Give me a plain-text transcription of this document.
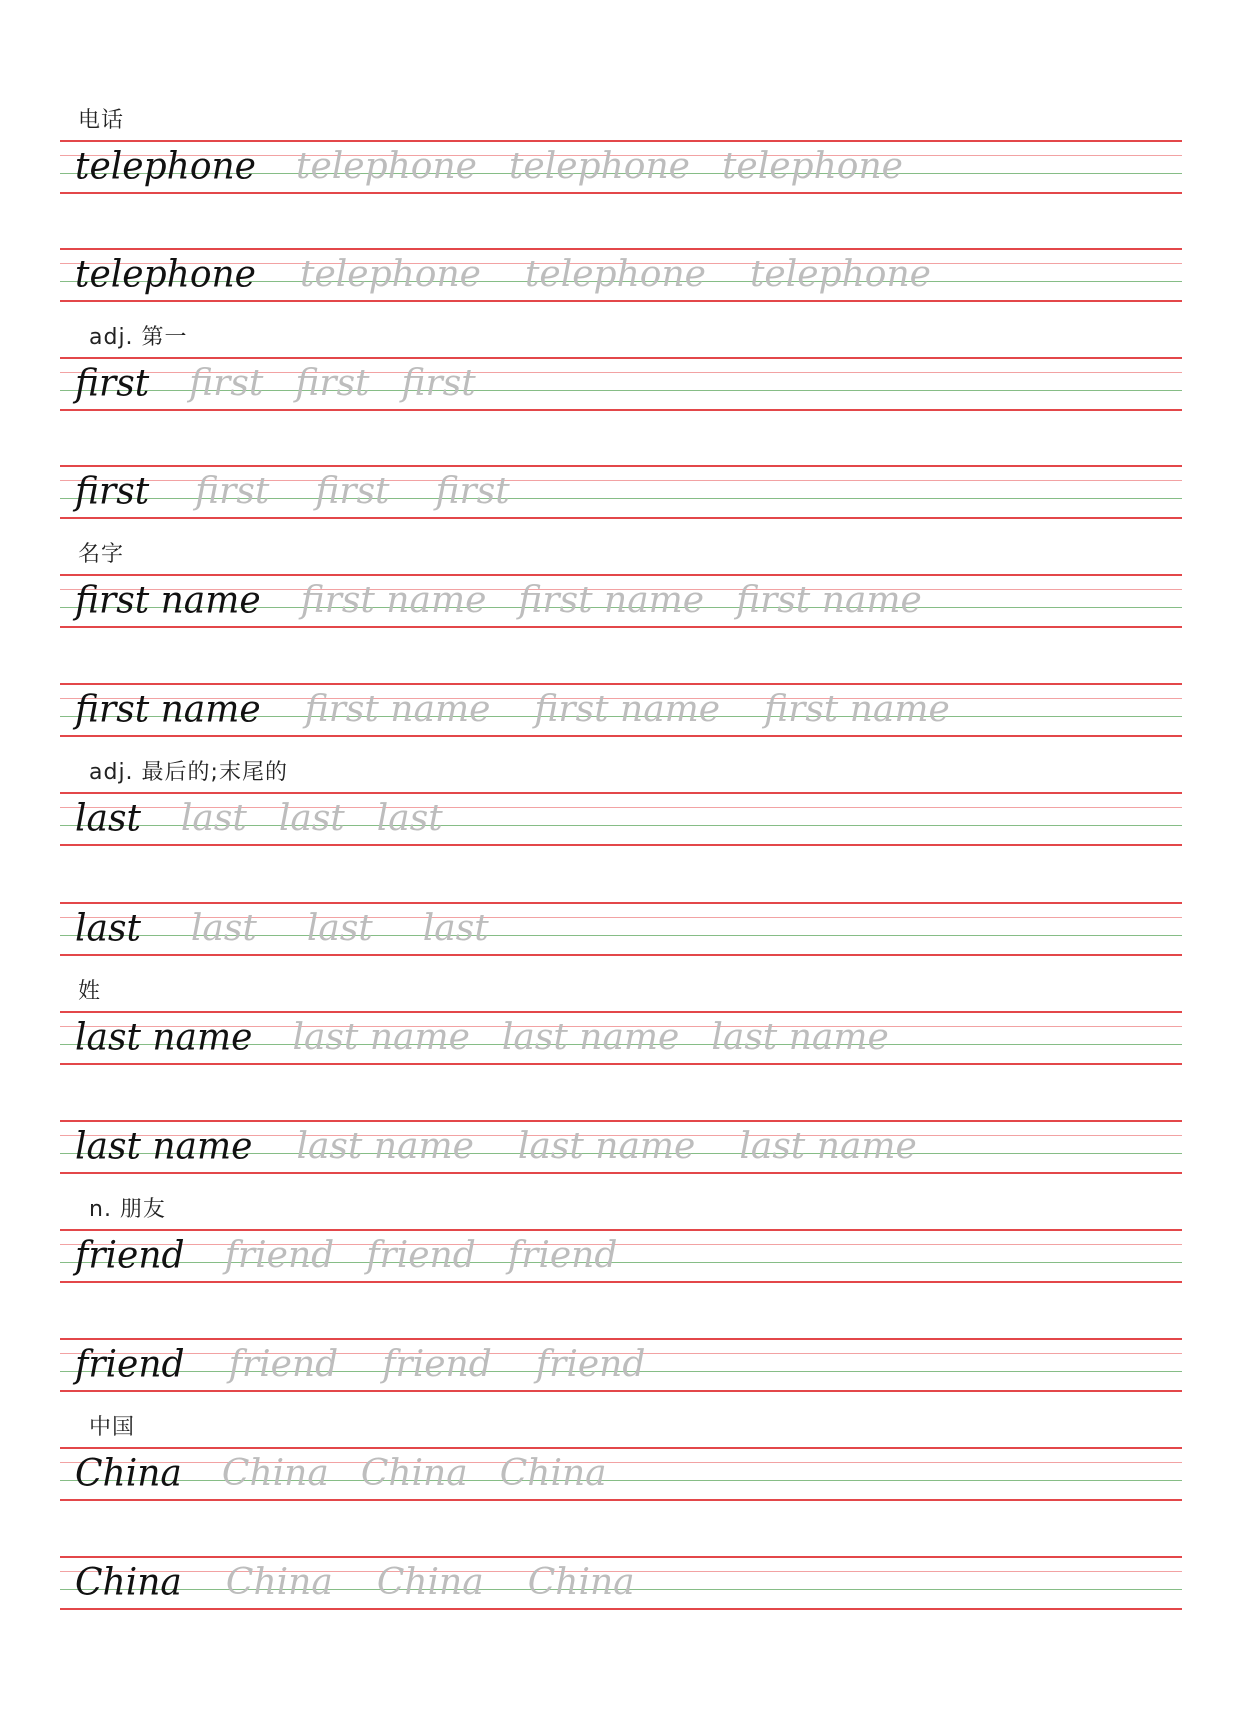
电话
telephone telephone telephone telephone
telephone telephone telephone telephone
adj. 第一
first first first first
first first first first
名字
first name first name first name first name
first name first name first name first name
adj. 最后的;末尾的
last last last last
last last last last
姓
last name last name last name last name
last name last name last name last name
n. 朋友
friend friend friend friend
friend friend friend friend
中国
China China China China
China China China China
